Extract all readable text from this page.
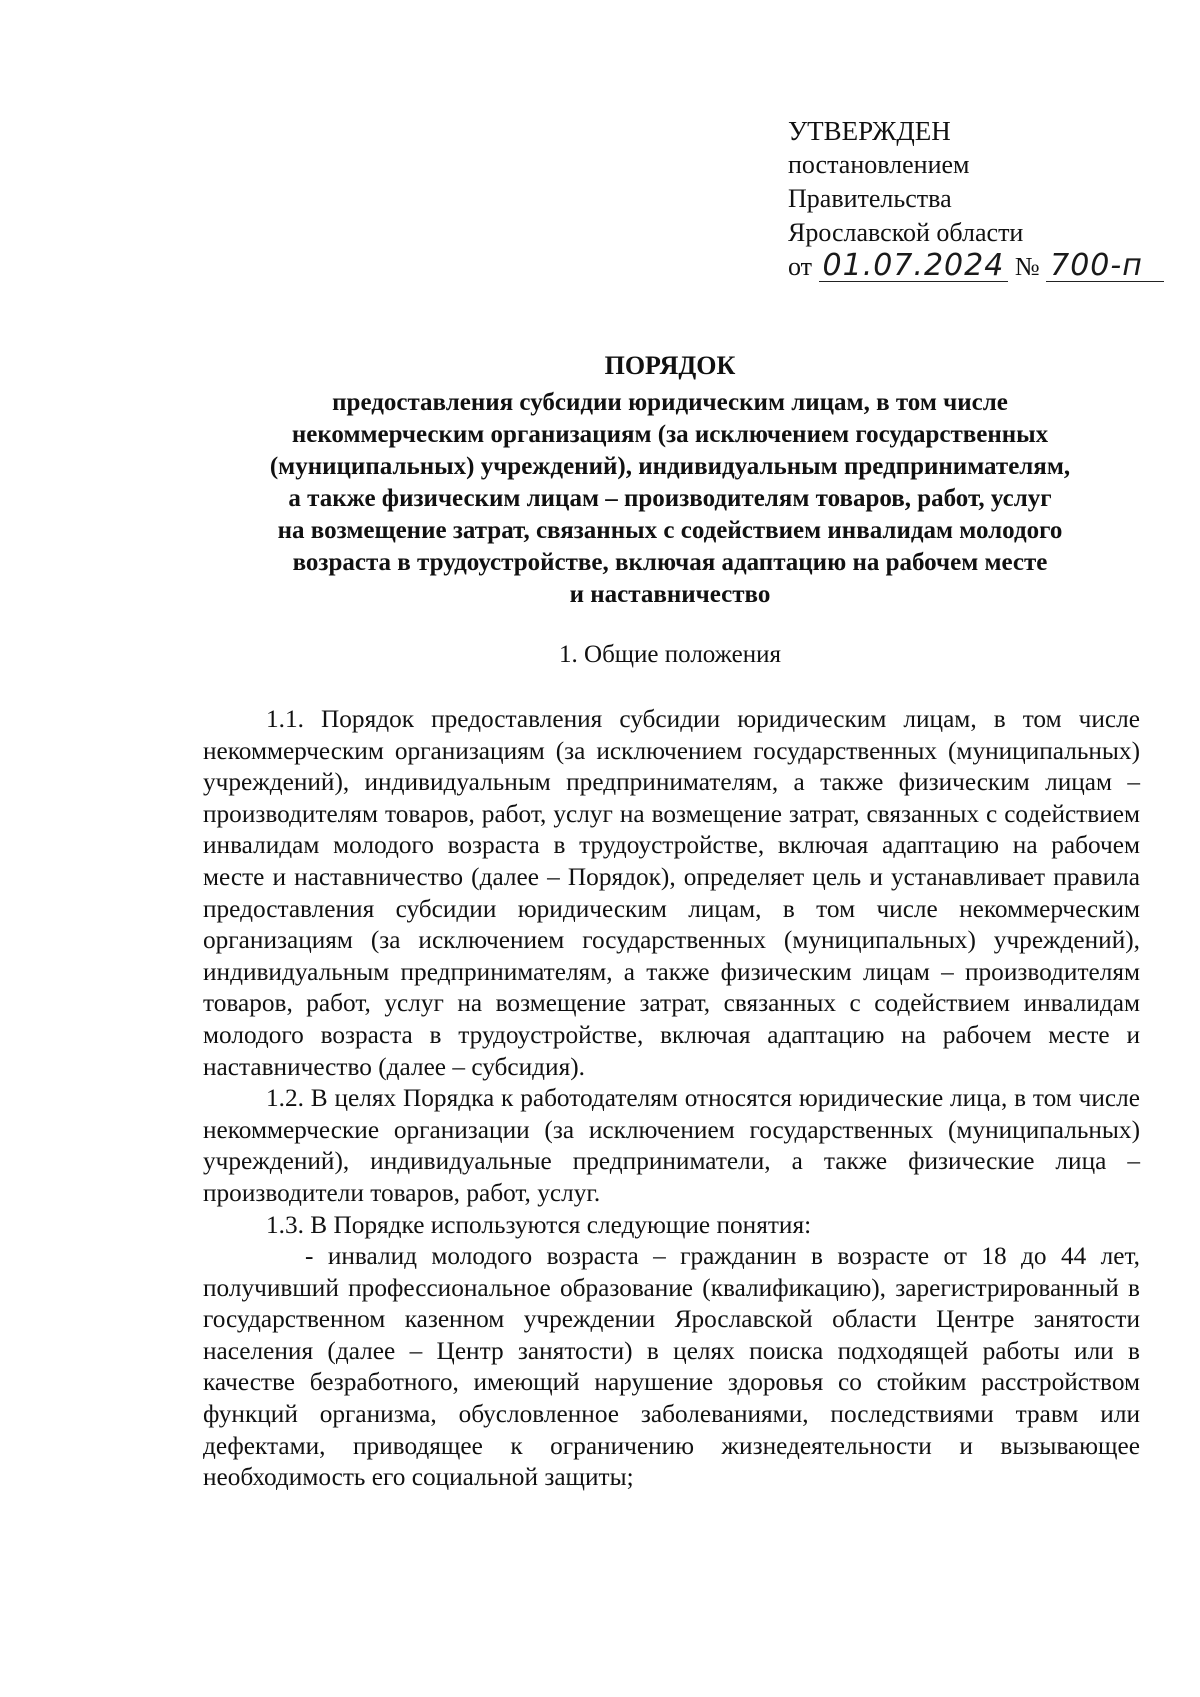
УТВЕРЖДЕН
постановлением
Правительства
Ярославской области
от 01.07.2024 № 700-п
ПОРЯДОК
предоставления субсидии юридическим лицам, в том числе
некоммерческим организациям (за исключением государственных
(муниципальных) учреждений), индивидуальным предпринимателям,
а также физическим лицам – производителям товаров, работ, услуг
на возмещение затрат, связанных с содействием инвалидам молодого
возраста в трудоустройстве, включая адаптацию на рабочем месте
и наставничество
1. Общие положения

1.1. Порядок предоставления субсидии юридическим лицам, в том числе некоммерческим организациям (за исключением государственных (муниципальных) учреждений), индивидуальным предпринимателям, а также физическим лицам – производителям товаров, работ, услуг на возмещение затрат, связанных с содействием инвалидам молодого возраста в трудоустройстве, включая адаптацию на рабочем месте и наставничество (далее – Порядок), определяет цель и устанавливает правила предоставления субсидии юридическим лицам, в том числе некоммерческим организациям (за исключением государственных (муниципальных) учреждений), индивидуальным предпринимателям, а также физическим лицам – производителям товаров, работ, услуг на возмещение затрат, связанных с содействием инвалидам молодого возраста в трудоустройстве, включая адаптацию на рабочем месте и наставничество (далее – субсидия).

1.2. В целях Порядка к работодателям относятся юридические лица, в том числе некоммерческие организации (за исключением государственных (муниципальных) учреждений), индивидуальные предприниматели, а также физические лица – производители товаров, работ, услуг.

1.3. В Порядке используются следующие понятия:

- инвалид молодого возраста – гражданин в возрасте от 18 до 44 лет, получивший профессиональное образование (квалификацию), зарегистрированный в государственном казенном учреждении Ярославской области Центре занятости населения (далее – Центр занятости) в целях поиска подходящей работы или в качестве безработного, имеющий нарушение здоровья со стойким расстройством функций организма, обусловленное заболеваниями, последствиями травм или дефектами, приводящее к ограничению жизнедеятельности и вызывающее необходимость его социальной защиты;
